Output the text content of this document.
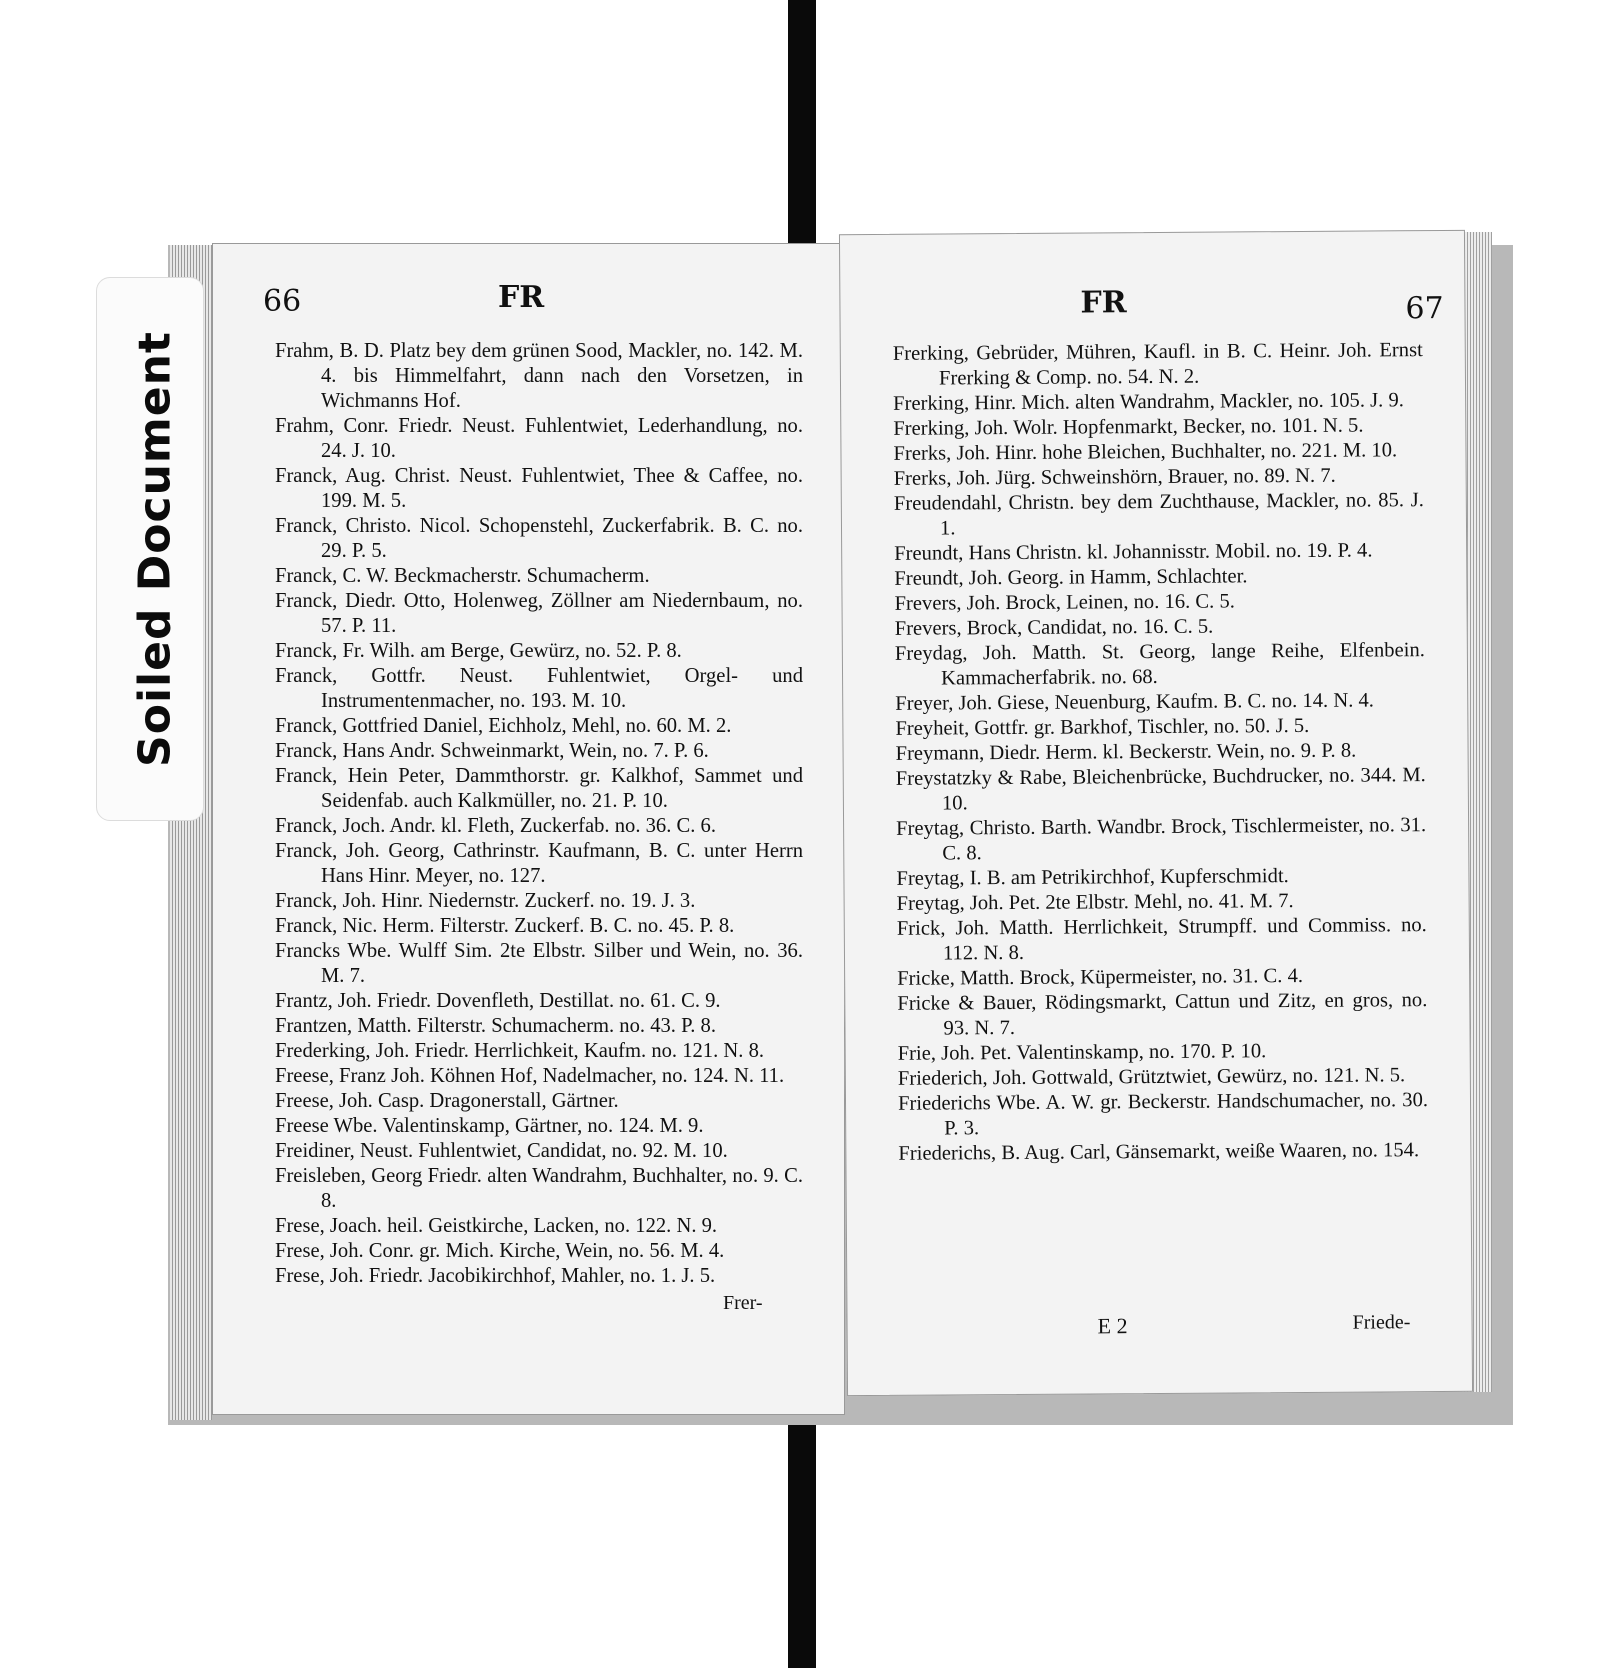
66	FR

Frahm, B. D. Platz bey dem grünen Sood, Mackler, no. 142. M. 4. bis Himmelfahrt, dann nach den Vorsetzen, in Wichmanns Hof.

Frahm, Conr. Friedr. Neust. Fuhlentwiet, Lederhandlung, no. 24. J. 10.

Franck, Aug. Christ. Neust. Fuhlentwiet, Thee & Caffee, no. 199. M. 5.

Franck, Christo. Nicol. Schopenstehl, Zuckerfabrik. B. C. no. 29. P. 5.

Franck, C. W. Beckmacherstr. Schumacherm.

Franck, Diedr. Otto, Holenweg, Zöllner am Niedernbaum, no. 57. P. 11.

Franck, Fr. Wilh. am Berge, Gewürz, no. 52. P. 8.

Franck, Gottfr. Neust. Fuhlentwiet, Orgel- und Instrumentenmacher, no. 193. M. 10.

Franck, Gottfried Daniel, Eichholz, Mehl, no. 60. M. 2.

Franck, Hans Andr. Schweinmarkt, Wein, no. 7. P. 6.

Franck, Hein Peter, Dammthorstr. gr. Kalkhof, Sammet und Seidenfab. auch Kalkmüller, no. 21. P. 10.

Franck, Joch. Andr. kl. Fleth, Zuckerfab. no. 36. C. 6.

Franck, Joh. Georg, Cathrinstr. Kaufmann, B. C. unter Herrn Hans Hinr. Meyer, no. 127.

Franck, Joh. Hinr. Niedernstr. Zuckerf. no. 19. J. 3.

Franck, Nic. Herm. Filterstr. Zuckerf. B. C. no. 45. P. 8.

Francks Wbe. Wulff Sim. 2te Elbstr. Silber und Wein, no. 36. M. 7.

Frantz, Joh. Friedr. Dovenfleth, Destillat. no. 61. C. 9.

Frantzen, Matth. Filterstr. Schumacherm. no. 43. P. 8.

Frederking, Joh. Friedr. Herrlichkeit, Kaufm. no. 121. N. 8.

Freese, Franz Joh. Köhnen Hof, Nadelmacher, no. 124. N. 11.

Freese, Joh. Casp. Dragonerstall, Gärtner.

Freese Wbe. Valentinskamp, Gärtner, no. 124. M. 9.

Freidiner, Neust. Fuhlentwiet, Candidat, no. 92. M. 10.

Freisleben, Georg Friedr. alten Wandrahm, Buchhalter, no. 9. C. 8.

Frese, Joach. heil. Geistkirche, Lacken, no. 122. N. 9.

Frese, Joh. Conr. gr. Mich. Kirche, Wein, no. 56. M. 4.

Frese, Joh. Friedr. Jacobikirchhof, Mahler, no. 1. J. 5.

Frer-
FR	67

Frerking, Gebrüder, Mühren, Kaufl. in B. C. Heinr. Joh. Ernst Frerking & Comp. no. 54. N. 2.

Frerking, Hinr. Mich. alten Wandrahm, Mackler, no. 105. J. 9.

Frerking, Joh. Wolr. Hopfenmarkt, Becker, no. 101. N. 5.

Frerks, Joh. Hinr. hohe Bleichen, Buchhalter, no. 221. M. 10.

Frerks, Joh. Jürg. Schweinshörn, Brauer, no. 89. N. 7.

Freudendahl, Christn. bey dem Zuchthause, Mackler, no. 85. J. 1.

Freundt, Hans Christn. kl. Johannisstr. Mobil. no. 19. P. 4.

Freundt, Joh. Georg. in Hamm, Schlachter.

Frevers, Joh. Brock, Leinen, no. 16. C. 5.

Frevers, Brock, Candidat, no. 16. C. 5.

Freydag, Joh. Matth. St. Georg, lange Reihe, Elfenbein. Kammacherfabrik. no. 68.

Freyer, Joh. Giese, Neuenburg, Kaufm. B. C. no. 14. N. 4.

Freyheit, Gottfr. gr. Barkhof, Tischler, no. 50. J. 5.

Freymann, Diedr. Herm. kl. Beckerstr. Wein, no. 9. P. 8.

Freystatzky & Rabe, Bleichenbrücke, Buchdrucker, no. 344. M. 10.

Freytag, Christo. Barth. Wandbr. Brock, Tischlermeister, no. 31. C. 8.

Freytag, I. B. am Petrikirchhof, Kupferschmidt.

Freytag, Joh. Pet. 2te Elbstr. Mehl, no. 41. M. 7.

Frick, Joh. Matth. Herrlichkeit, Strumpff. und Commiss. no. 112. N. 8.

Fricke, Matth. Brock, Küpermeister, no. 31. C. 4.

Fricke & Bauer, Rödingsmarkt, Cattun und Zitz, en gros, no. 93. N. 7.

Frie, Joh. Pet. Valentinskamp, no. 170. P. 10.

Friederich, Joh. Gottwald, Grütztwiet, Gewürz, no. 121. N. 5.

Friederichs Wbe. A. W. gr. Beckerstr. Handschumacher, no. 30. P. 3.

Friederichs, B. Aug. Carl, Gänsemarkt, weiße Waaren, no. 154.

E 2	Friede-
Soiled Document
